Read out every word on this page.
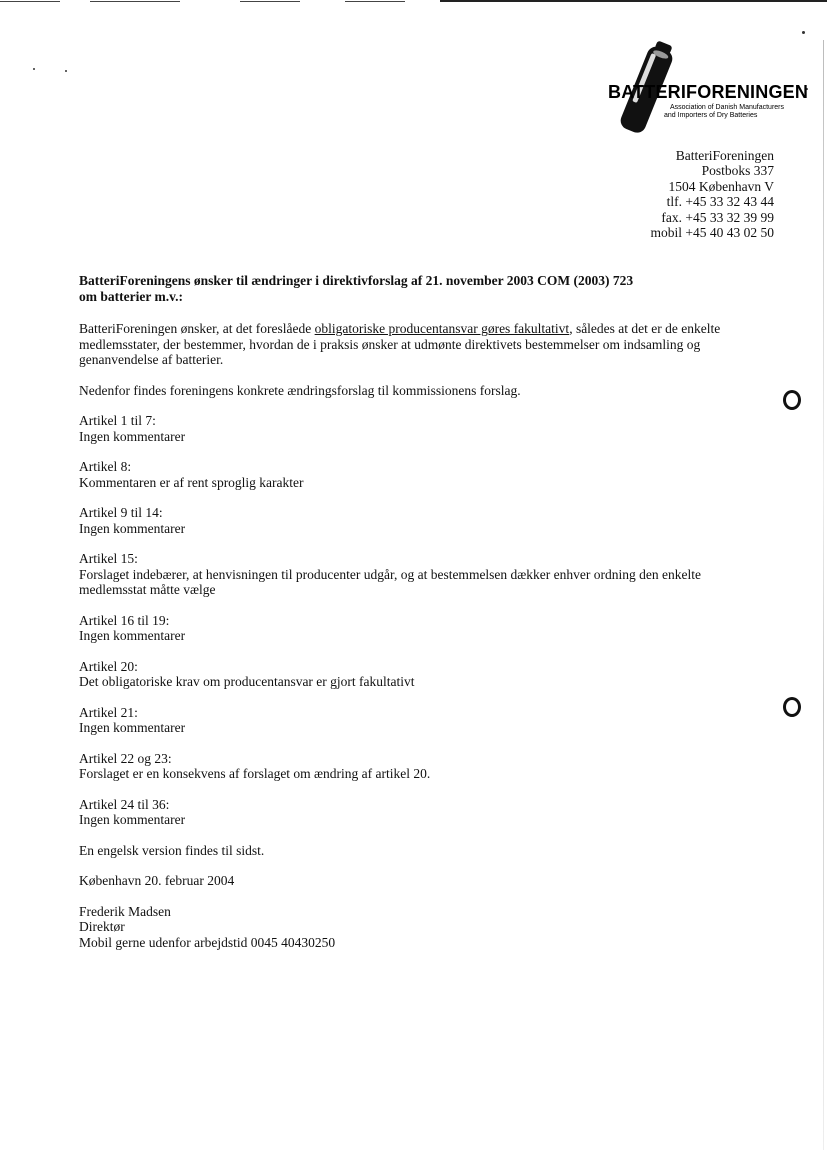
BATTERIFORENINGEN
Association of Danish Manufacturers
and Importers of Dry Batteries
BatteriForeningen
Postboks 337
1504 København V
tlf. +45 33 32 43 44
fax. +45 33 32 39 99
mobil +45 40 43 02 50

BatteriForeningens ønsker til ændringer i direktivforslag af 21. november 2003 COM (2003) 723
om batterier m.v.:

BatteriForeningen ønsker, at det foreslåede obligatoriske producentansvar gøres fakultativt, således at det er de enkelte medlemsstater, der bestemmer, hvordan de i praksis ønsker at udmønte direktivets bestemmelser om indsamling og genanvendelse af batterier.

Nedenfor findes foreningens konkrete ændringsforslag til kommissionens forslag.

Artikel 1 til 7:

Ingen kommentarer

Artikel 8:

Kommentaren er af rent sproglig karakter

Artikel 9 til 14:

Ingen kommentarer

Artikel 15:

Forslaget indebærer, at henvisningen til producenter udgår, og at bestemmelsen dækker enhver ordning den enkelte medlemsstat måtte vælge

Artikel 16 til 19:

Ingen kommentarer

Artikel 20:

Det obligatoriske krav om producentansvar er gjort fakultativt

Artikel 21:

Ingen kommentarer

Artikel 22 og 23:

Forslaget er en konsekvens af forslaget om ændring af artikel 20.

Artikel 24 til 36:

Ingen kommentarer

En engelsk version findes til sidst.

København 20. februar 2004

Frederik Madsen

Direktør

Mobil gerne udenfor arbejdstid 0045 40430250
